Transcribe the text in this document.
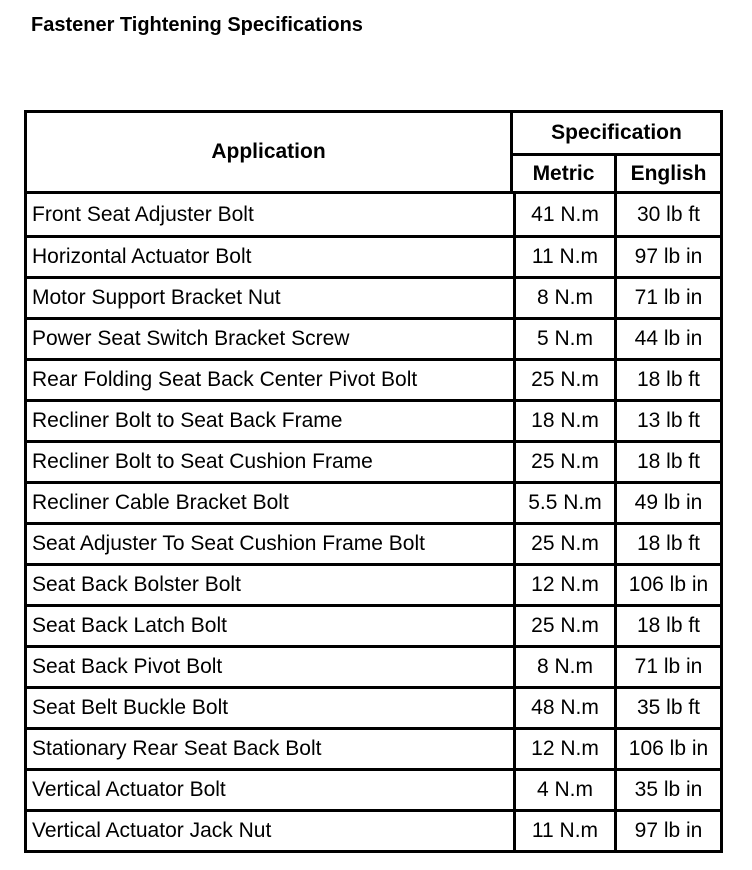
Fastener Tightening Specifications
Application	Specification	
	Metric	English
Front Seat Adjuster Bolt	41 N.m	30 lb ft
Horizontal Actuator Bolt	11 N.m	97 lb in
Motor Support Bracket Nut	8 N.m	71 lb in
Power Seat Switch Bracket Screw	5 N.m	44 lb in
Rear Folding Seat Back Center Pivot Bolt	25 N.m	18 lb ft
Recliner Bolt to Seat Back Frame	18 N.m	13 lb ft
Recliner Bolt to Seat Cushion Frame	25 N.m	18 lb ft
Recliner Cable Bracket Bolt	5.5 N.m	49 lb in
Seat Adjuster To Seat Cushion Frame Bolt	25 N.m	18 lb ft
Seat Back Bolster Bolt	12 N.m	106 lb in
Seat Back Latch Bolt	25 N.m	18 lb ft
Seat Back Pivot Bolt	8 N.m	71 lb in
Seat Belt Buckle Bolt	48 N.m	35 lb ft
Stationary Rear Seat Back Bolt	12 N.m	106 lb in
Vertical Actuator Bolt	4 N.m	35 lb in
Vertical Actuator Jack Nut	11 N.m	97 lb in
